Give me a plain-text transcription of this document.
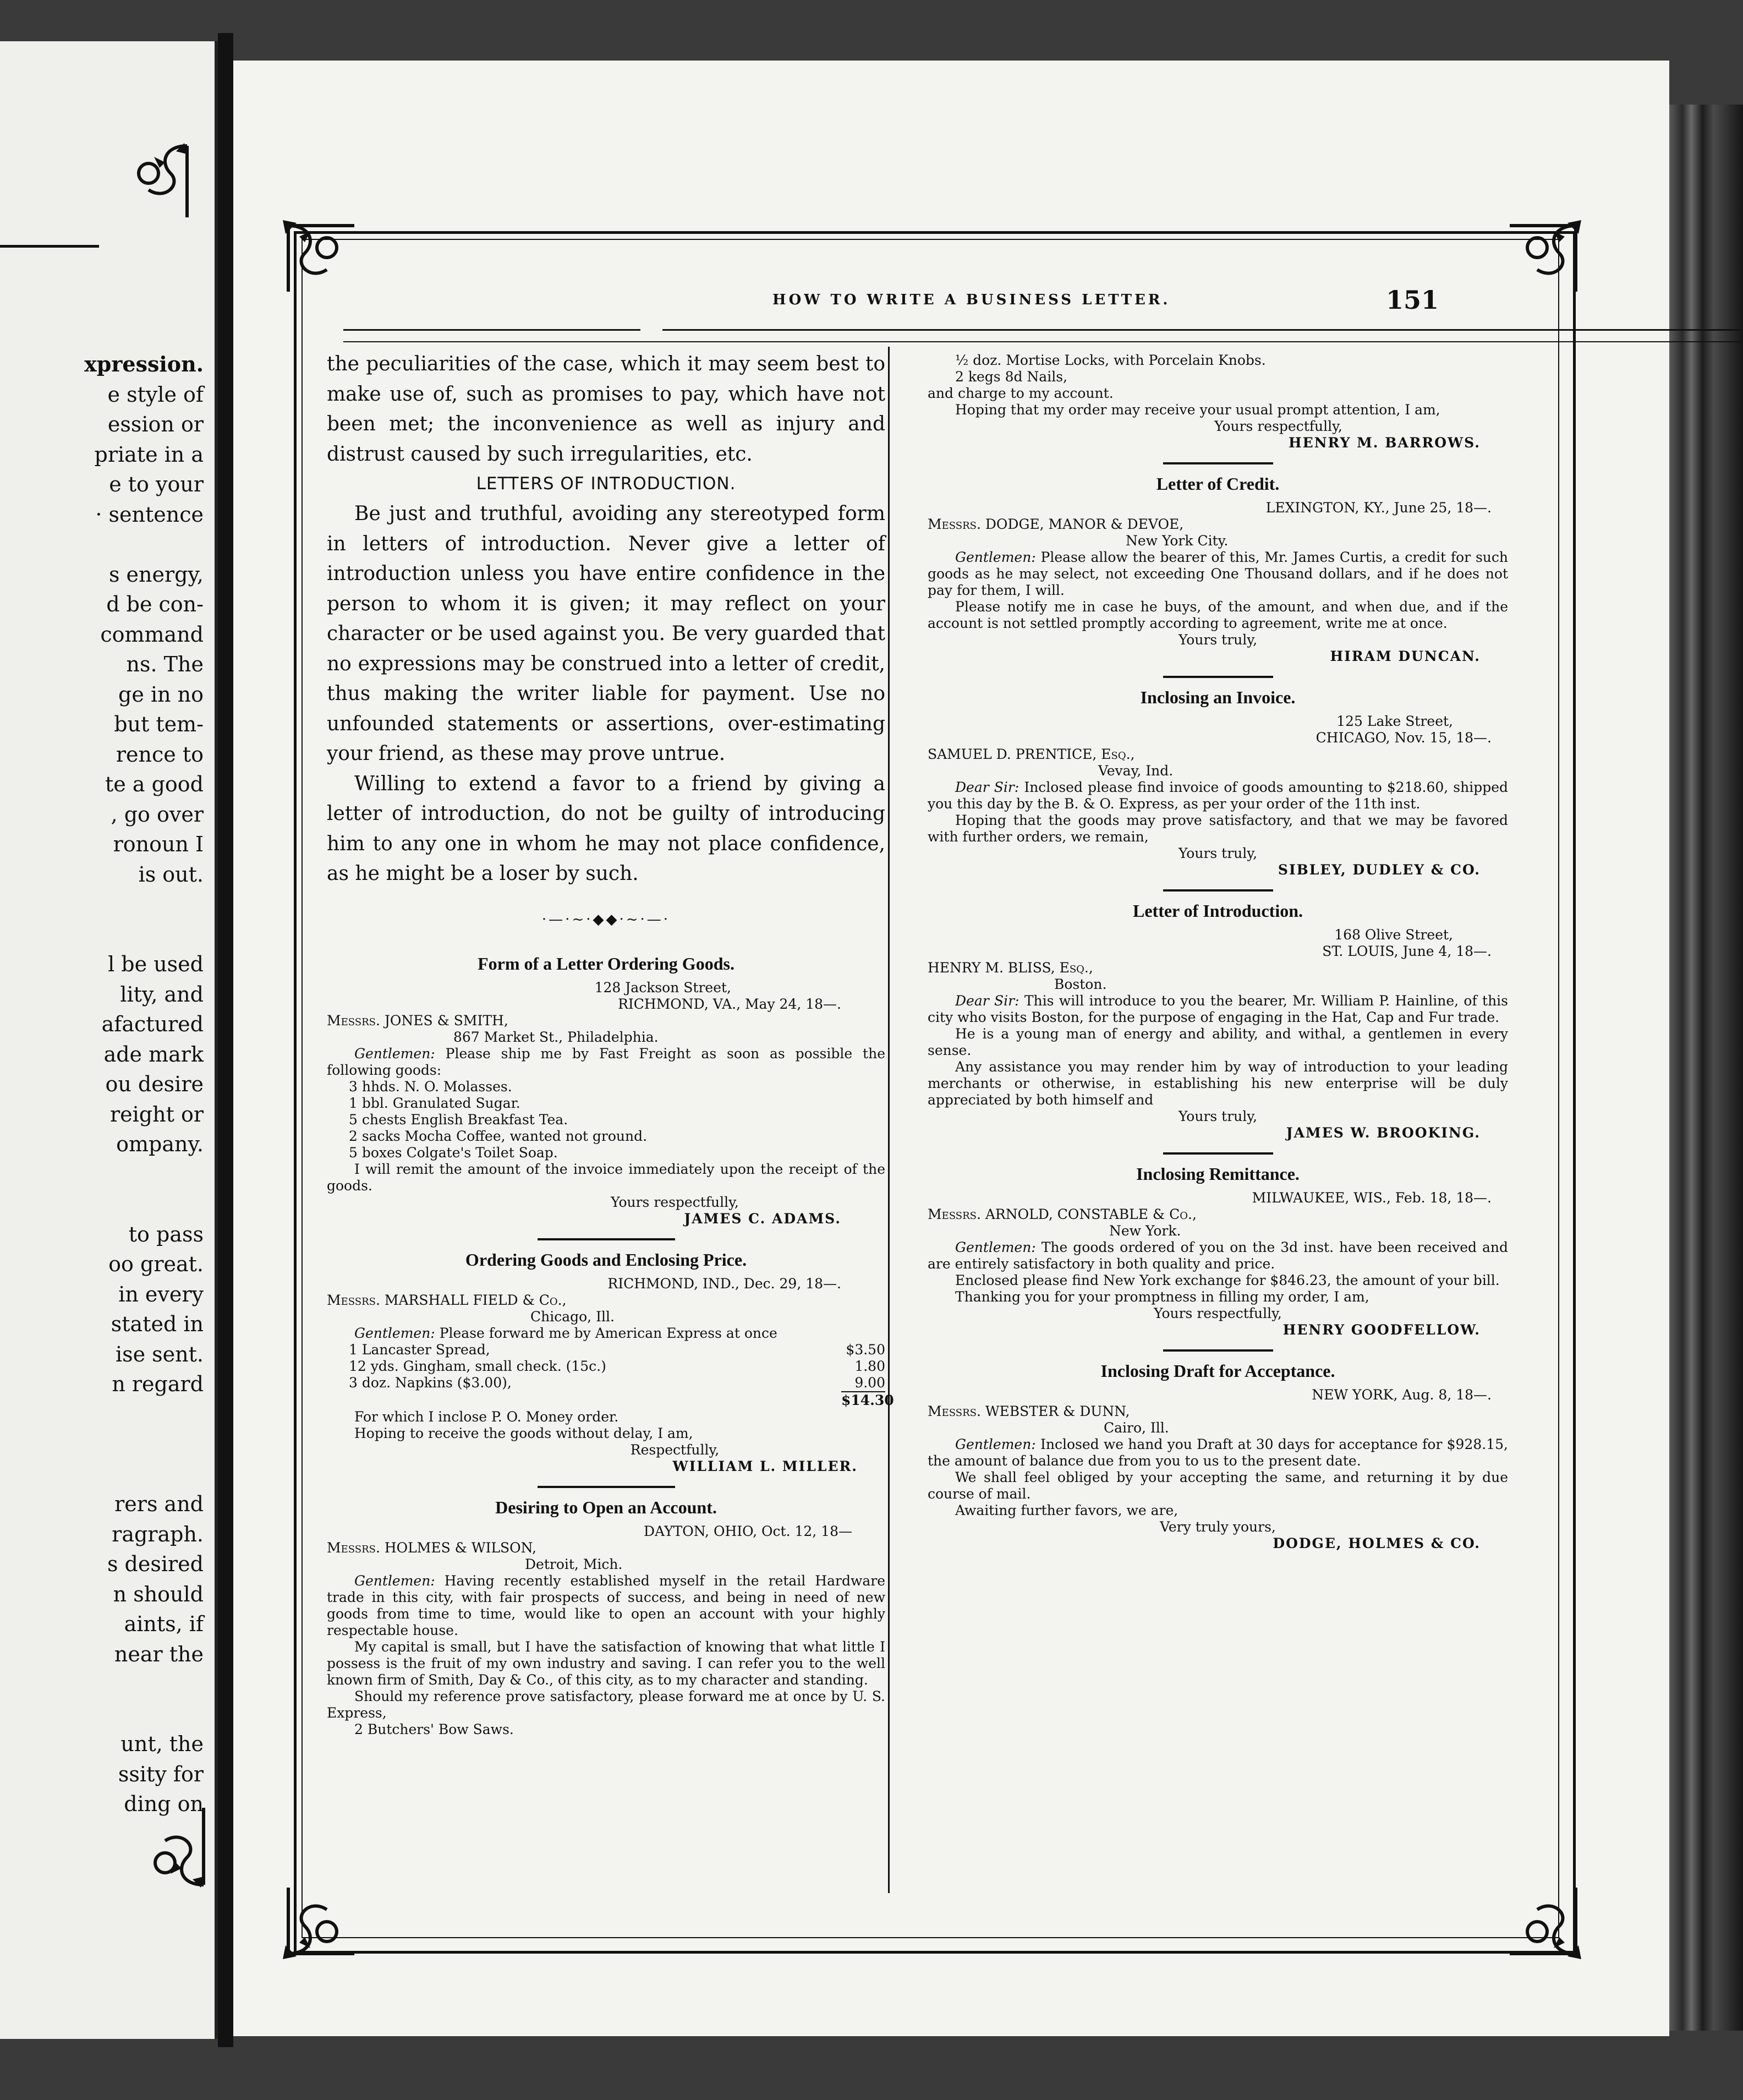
xpression.
e style of
ession or
priate in a
e to your
· sentence
s energy,
d be con-
command
ns. The
ge in no
but tem-
rence to
te a good
, go over
ronoun I
is out.
l be used
lity, and
afactured
ade mark
ou desire
reight or
ompany.
to pass
oo great.
in every
stated in
ise sent.
n regard
rers and
ragraph.
s desired
n should
aints, if
near the
unt, the
ssity for
ding on
HOW TO WRITE A BUSINESS LETTER.	151

the peculiarities of the case, which it may seem best to make use of, such as promises to pay, which have not been met; the inconvenience as well as injury and distrust caused by such irregularities, etc.

LETTERS OF INTRODUCTION.

Be just and truthful, avoiding any stereotyped form in letters of introduction. Never give a letter of introduction unless you have entire confidence in the person to whom it is given; it may reflect on your character or be used against you. Be very guarded that no expressions may be construed into a letter of credit, thus making the writer liable for payment. Use no unfounded statements or assertions, over-estimating your friend, as these may prove untrue.

Willing to extend a favor to a friend by giving a letter of introduction, do not be guilty of introducing him to any one in whom he may not place confidence, as he might be a loser by such.

·—·~·◆◆·~·—·
Form of a Letter Ordering Goods.
128 Jackson Street,
RICHMOND, VA., May 24, 18—.
Messrs. JONES & SMITH,
867 Market St., Philadelphia.
Gentlemen: Please ship me by Fast Freight as soon as possible the following goods:
3 hhds. N. O. Molasses.
1 bbl. Granulated Sugar.
5 chests English Breakfast Tea.
2 sacks Mocha Coffee, wanted not ground.
5 boxes Colgate's Toilet Soap.
I will remit the amount of the invoice immediately upon the receipt of the goods.
Yours respectfully,
JAMES C. ADAMS.
Ordering Goods and Enclosing Price.
RICHMOND, IND., Dec. 29, 18—.
Messrs. MARSHALL FIELD & Co.,
Chicago, Ill.
Gentlemen: Please forward me by American Express at once
1 Lancaster Spread,	$3.50
12 yds. Gingham, small check. (15c.)	1.80
3 doz. Napkins ($3.00),	9.00
$14.30
For which I inclose P. O. Money order.
Hoping to receive the goods without delay, I am,
Respectfully,
WILLIAM L. MILLER.
Desiring to Open an Account.
DAYTON, OHIO, Oct. 12, 18—
Messrs. HOLMES & WILSON,
Detroit, Mich.
Gentlemen: Having recently established myself in the retail Hardware trade in this city, with fair prospects of success, and being in need of new goods from time to time, would like to open an account with your highly respectable house.
My capital is small, but I have the satisfaction of knowing that what little I possess is the fruit of my own industry and saving. I can refer you to the well known firm of Smith, Day & Co., of this city, as to my character and standing.
Should my reference prove satisfactory, please forward me at once by U. S. Express,
2 Butchers' Bow Saws.
½ doz. Mortise Locks, with Porcelain Knobs.
2 kegs 8d Nails,
and charge to my account.
Hoping that my order may receive your usual prompt attention, I am,
Yours respectfully,
HENRY M. BARROWS.
Letter of Credit.
LEXINGTON, KY., June 25, 18—.
Messrs. DODGE, MANOR & DEVOE,
New York City.
Gentlemen: Please allow the bearer of this, Mr. James Curtis, a credit for such goods as he may select, not exceeding One Thousand dollars, and if he does not pay for them, I will.
Please notify me in case he buys, of the amount, and when due, and if the account is not settled promptly according to agreement, write me at once.
Yours truly,
HIRAM DUNCAN.
Inclosing an Invoice.
125 Lake Street,
CHICAGO, Nov. 15, 18—.
SAMUEL D. PRENTICE, Esq.,
Vevay, Ind.
Dear Sir: Inclosed please find invoice of goods amounting to $218.60, shipped you this day by the B. & O. Express, as per your order of the 11th inst.
Hoping that the goods may prove satisfactory, and that we may be favored with further orders, we remain,
Yours truly,
SIBLEY, DUDLEY & CO.
Letter of Introduction.
168 Olive Street,
ST. LOUIS, June 4, 18—.
HENRY M. BLISS, Esq.,
Boston.
Dear Sir: This will introduce to you the bearer, Mr. William P. Hainline, of this city who visits Boston, for the purpose of engaging in the Hat, Cap and Fur trade.
He is a young man of energy and ability, and withal, a gentlemen in every sense.
Any assistance you may render him by way of introduction to your leading merchants or otherwise, in establishing his new enterprise will be duly appreciated by both himself and
Yours truly,
JAMES W. BROOKING.
Inclosing Remittance.
MILWAUKEE, WIS., Feb. 18, 18—.
Messrs. ARNOLD, CONSTABLE & Co.,
New York.
Gentlemen: The goods ordered of you on the 3d inst. have been received and are entirely satisfactory in both quality and price.
Enclosed please find New York exchange for $846.23, the amount of your bill.
Thanking you for your promptness in filling my order, I am,
Yours respectfully,
HENRY GOODFELLOW.
Inclosing Draft for Acceptance.
NEW YORK, Aug. 8, 18—.
Messrs. WEBSTER & DUNN,
Cairo, Ill.
Gentlemen: Inclosed we hand you Draft at 30 days for acceptance for $928.15, the amount of balance due from you to us to the present date.
We shall feel obliged by your accepting the same, and returning it by due course of mail.
Awaiting further favors, we are,
Very truly yours,
DODGE, HOLMES & CO.
